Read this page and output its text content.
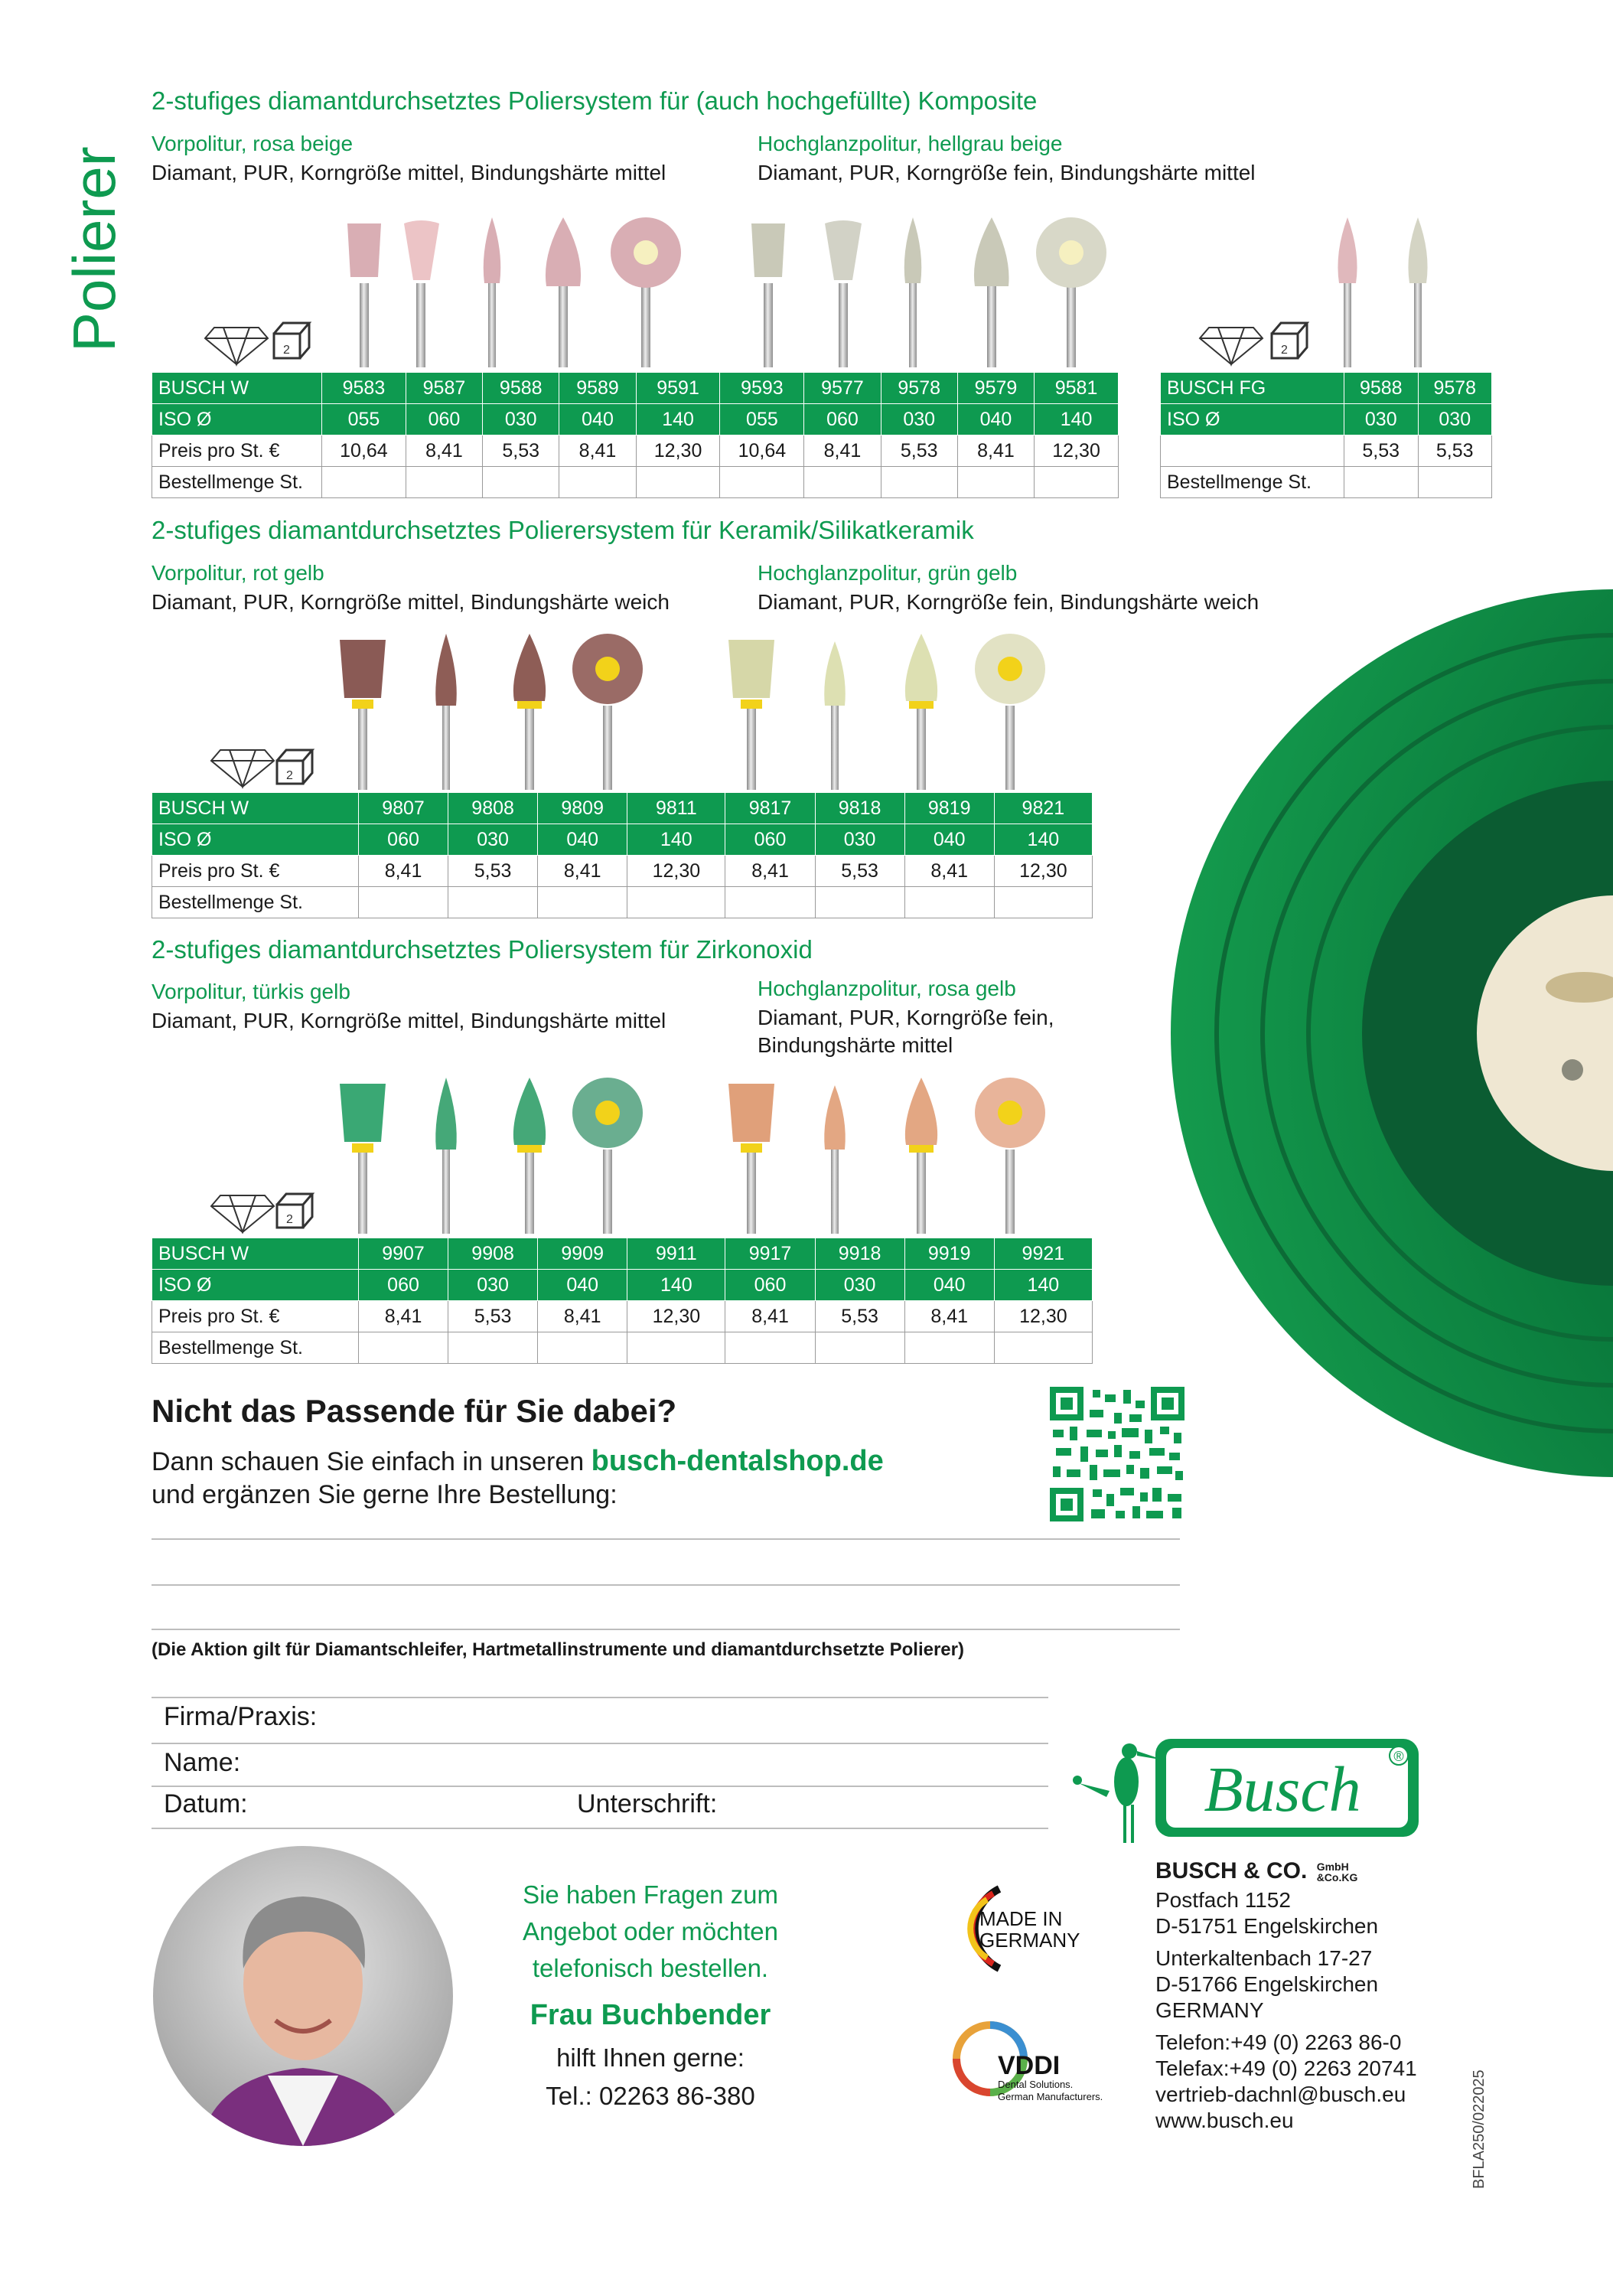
Polierer
2-stufiges diamantdurchsetztes Poliersystem für (auch hochgefüllte) Komposite
Vorpolitur, rosa beige
Diamant, PUR, Korngröße mittel, Bindungshärte mittel
Hochglanzpolitur, hellgrau beige
Diamant, PUR, Korngröße fein, Bindungshärte mittel
2	2
BUSCH W	9583	9587	9588	9589	9591	9593	9577	9578	9579	9581
ISO Ø	055	060	030	040	140	055	060	030	040	140
Preis pro St. €	10,64	8,41	5,53	8,41	12,30	10,64	8,41	5,53	8,41	12,30
Bestellmenge St.										
BUSCH FG	9588	9578
ISO Ø	030	030
	5,53	5,53
Bestellmenge St.		
2-stufiges diamantdurchsetztes Polierersystem für Keramik/Silikatkeramik
Vorpolitur, rot gelb
Diamant, PUR, Korngröße mittel, Bindungshärte weich
Hochglanzpolitur, grün gelb
Diamant, PUR, Korngröße fein, Bindungshärte weich
2
BUSCH W	9807	9808	9809	9811	9817	9818	9819	9821
ISO Ø	060	030	040	140	060	030	040	140
Preis pro St. €	8,41	5,53	8,41	12,30	8,41	5,53	8,41	12,30
Bestellmenge St.								
2-stufiges diamantdurchsetztes Poliersystem für Zirkonoxid
Vorpolitur, türkis gelb
Diamant, PUR, Korngröße mittel, Bindungshärte mittel
Hochglanzpolitur, rosa gelb
Diamant, PUR, Korngröße fein,
Bindungshärte mittel
2
BUSCH W	9907	9908	9909	9911	9917	9918	9919	9921
ISO Ø	060	030	040	140	060	030	040	140
Preis pro St. €	8,41	5,53	8,41	12,30	8,41	5,53	8,41	12,30
Bestellmenge St.								
Nicht das Passende für Sie dabei?
Dann schauen Sie einfach in unseren busch-dentalshop.de
und ergänzen Sie gerne Ihre Bestellung:
(Die Aktion gilt für Diamantschleifer, Hartmetallinstrumente und diamantdurchsetzte Polierer)
Firma/Praxis:
Name:
Datum:	Unterschrift:
Sie haben Fragen zum
Angebot oder möchten
telefonisch bestellen.
Frau Buchbender
hilft Ihnen gerne:
Tel.: 02263 86-380
MADE IN
GERMANY
VDDI
Dental Solutions.
German Manufacturers.
Busch ®
BUSCH & CO. GmbH
&Co.KG
Postfach 1152
D-51751 Engelskirchen
Unterkaltenbach 17-27
D-51766 Engelskirchen
GERMANY
Telefon:+49 (0) 2263 86-0
Telefax:+49 (0) 2263 20741
vertrieb-dachnl@busch.eu
www.busch.eu	BFLA250/022025
